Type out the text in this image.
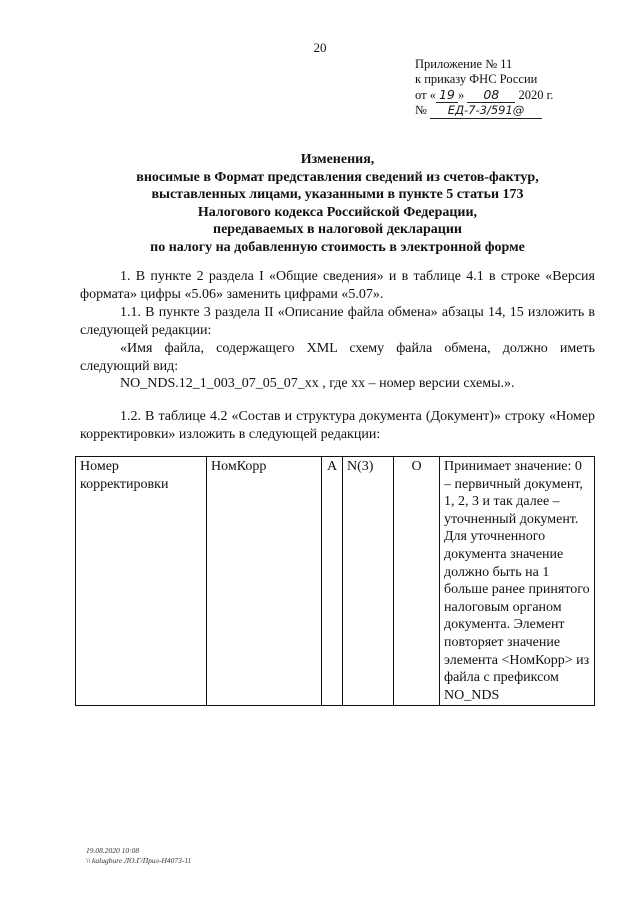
20
Приложение № 11
к приказу ФНС России
от « 19 » 08 2020 г.
№ ЕД-7-3/591@
Изменения,
вносимые в Формат представления сведений из счетов-фактур,
выставленных лицами, указанными в пункте 5 статьи 173
Налогового кодекса Российской Федерации,
передаваемых в налоговой декларации
по налогу на добавленную стоимость в электронной форме

1. В пункте 2 раздела I «Общие сведения» и в таблице 4.1 в строке «Версия формата» цифры «5.06» заменить цифрами «5.07».

1.1. В пункте 3 раздела II «Описание файла обмена» абзацы 14, 15 изложить в следующей редакции:

«Имя файла, содержащего XML схему файла обмена, должно иметь следующий вид:

NO_NDS.12_1_003_07_05_07_xx , где xx – номер версии схемы.».

1.2. В таблице 4.2 «Состав и структура документа (Документ)» строку «Номер корректировки» изложить в следующей редакции:

Номер корректировки	НомКорр	А	N(3)	О	Принимает значение: 0 – первичный документ, 1, 2, 3 и так далее – уточненный документ. Для уточненного документа значение должно быть на 1 больше ранее принятого налоговым органом документа. Элемент повторяет значение элемента <НомКорр> из файла с префиксом NO_NDS
19.08.2020 10:08
\\ kalugbure ЛО.Г/Прил-Н4073-11
